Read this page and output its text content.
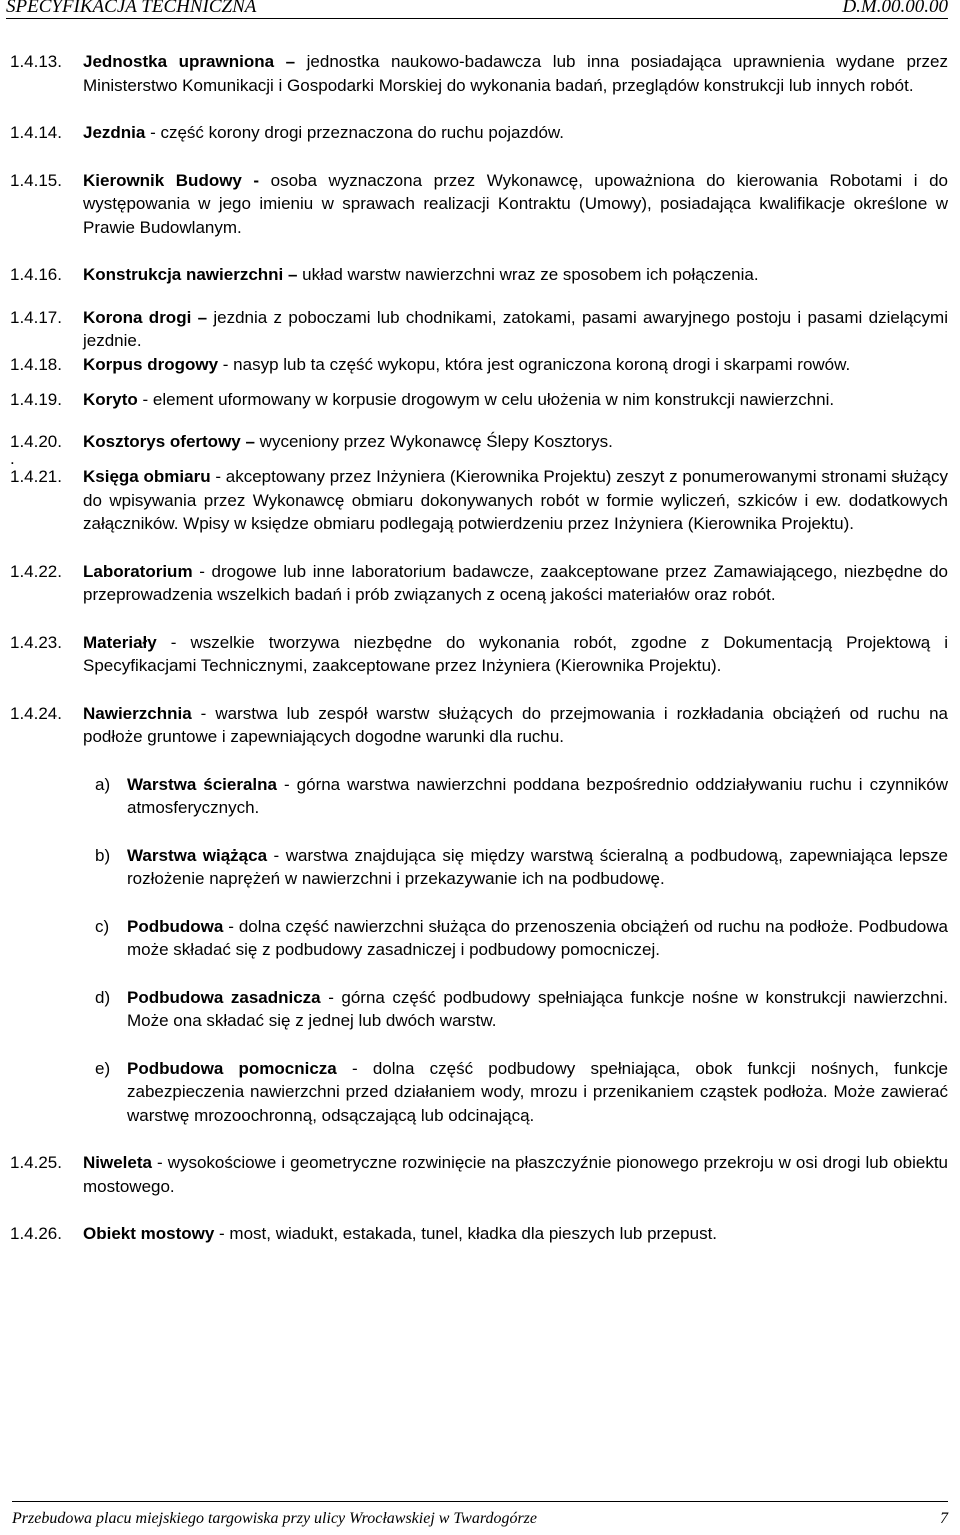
SPECYFIKACJA TECHNICZNA	D.M.00.00.00
1.4.13.	Jednostka uprawniona – jednostka naukowo-badawcza lub inna posiadająca uprawnienia wydane przez Ministerstwo Komunikacji i Gospodarki Morskiej do wykonania badań, przeglądów konstrukcji lub innych robót.
1.4.14.	Jezdnia - część korony drogi przeznaczona do ruchu pojazdów.
1.4.15.	Kierownik Budowy - osoba wyznaczona przez Wykonawcę, upoważniona do kierowania Robotami i do występowania w jego imieniu w sprawach realizacji Kontraktu (Umowy), posiadająca kwalifikacje określone w Prawie Budowlanym.
1.4.16.	Konstrukcja nawierzchni – układ warstw nawierzchni wraz ze sposobem ich połączenia.
1.4.17.	Korona drogi – jezdnia z poboczami lub chodnikami, zatokami, pasami awaryjnego postoju i pasami dzielącymi jezdnie.
1.4.18.	Korpus drogowy - nasyp lub ta część wykopu, która jest ograniczona koroną drogi i skarpami rowów.
1.4.19.	Koryto - element uformowany w korpusie drogowym w celu ułożenia w nim konstrukcji nawierzchni.
1.4.20.	Kosztorys ofertowy – wyceniony przez Wykonawcę Ślepy Kosztorys.
.
1.4.21.	Księga obmiaru - akceptowany przez Inżyniera (Kierownika Projektu) zeszyt z ponumerowanymi stronami służący do wpisywania przez Wykonawcę obmiaru dokonywanych robót w formie wyliczeń, szkiców i ew. dodatkowych załączników. Wpisy w księdze obmiaru podlegają potwierdzeniu przez Inżyniera (Kierownika Projektu).
1.4.22.	Laboratorium - drogowe lub inne laboratorium badawcze, zaakceptowane przez Zamawiającego, niezbędne do przeprowadzenia wszelkich badań i prób związanych z oceną jakości materiałów oraz robót.
1.4.23.	Materiały - wszelkie tworzywa niezbędne do wykonania robót, zgodne z Dokumentacją Projektową i Specyfikacjami Technicznymi, zaakceptowane przez Inżyniera (Kierownika Projektu).
1.4.24.	Nawierzchnia - warstwa lub zespół warstw służących do przejmowania i rozkładania obciążeń od ruchu na podłoże gruntowe i zapewniających dogodne warunki dla ruchu.
a) Warstwa ścieralna - górna warstwa nawierzchni poddana bezpośrednio oddziaływaniu ruchu i czynników atmosferycznych.
b) Warstwa wiążąca - warstwa znajdująca się między warstwą ścieralną a podbudową, zapewniająca lepsze rozłożenie naprężeń w nawierzchni i przekazywanie ich na podbudowę.
c)	Podbudowa - dolna część nawierzchni służąca do przenoszenia obciążeń od ruchu na podłoże. Podbudowa może składać się z podbudowy zasadniczej i podbudowy pomocniczej.
d) Podbudowa zasadnicza - górna część podbudowy spełniająca funkcje nośne w konstrukcji nawierzchni. Może ona składać się z jednej lub dwóch warstw.
e) Podbudowa pomocnicza - dolna część podbudowy spełniająca, obok funkcji nośnych, funkcje zabezpieczenia nawierzchni przed działaniem wody, mrozu i przenikaniem cząstek podłoża. Może zawierać warstwę mrozoochronną, odsączającą lub odcinającą.
1.4.25.	Niweleta - wysokościowe i geometryczne rozwinięcie na płaszczyźnie pionowego przekroju w osi drogi lub obiektu mostowego.
1.4.26.	Obiekt mostowy - most, wiadukt, estakada, tunel, kładka dla pieszych lub przepust.
Przebudowa placu miejskiego targowiska przy ulicy Wrocławskiej w Twardogórze	7
